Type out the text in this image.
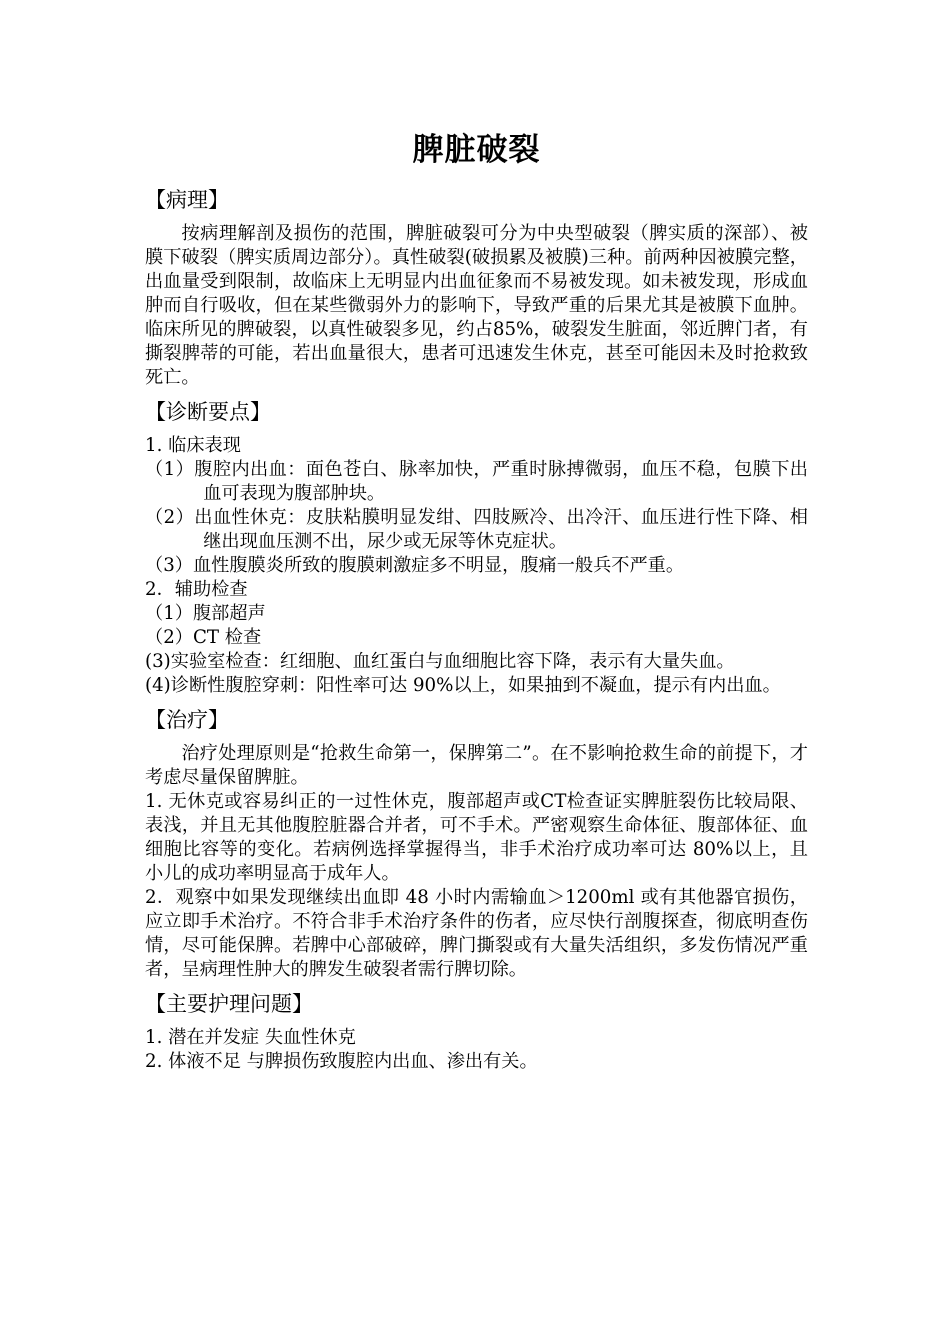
脾脏破裂
【病理】

按病理解剖及损伤的范围，脾脏破裂可分为中央型破裂（脾实质的深部）、被膜下破裂（脾实质周边部分）。真性破裂(破损累及被膜)三种。前两种因被膜完整，出血量受到限制，故临床上无明显内出血征象而不易被发现。如未被发现，形成血肿而自行吸收，但在某些微弱外力的影响下，导致严重的后果尤其是被膜下血肿。临床所见的脾破裂，以真性破裂多见，约占85%，破裂发生脏面，邻近脾门者，有撕裂脾蒂的可能，若出血量很大，患者可迅速发生休克，甚至可能因未及时抢救致死亡。

【诊断要点】

1. 临床表现

（1）腹腔内出血：面色苍白、脉率加快，严重时脉搏微弱，血压不稳，包膜下出血可表现为腹部肿块。

（2）出血性休克：皮肤粘膜明显发绀、四肢厥冷、出冷汗、血压进行性下降、相继出现血压测不出，尿少或无尿等休克症状。

（3）血性腹膜炎所致的腹膜刺激症多不明显，腹痛一般兵不严重。

2．辅助检查

（1）腹部超声

（2）CT 检查

(3)实验室检查：红细胞、血红蛋白与血细胞比容下降，表示有大量失血。

(4)诊断性腹腔穿刺：阳性率可达 90%以上，如果抽到不凝血，提示有内出血。

【治疗】

治疗处理原则是“抢救生命第一，保脾第二”。在不影响抢救生命的前提下，才考虑尽量保留脾脏。

1. 无休克或容易纠正的一过性休克，腹部超声或CT检查证实脾脏裂伤比较局限、表浅，并且无其他腹腔脏器合并者，可不手术。严密观察生命体征、腹部体征、血细胞比容等的变化。若病例选择掌握得当，非手术治疗成功率可达 80%以上，且小儿的成功率明显高于成年人。

2．观察中如果发现继续出血即 48 小时内需输血＞1200ml 或有其他器官损伤，应立即手术治疗。不符合非手术治疗条件的伤者，应尽快行剖腹探查，彻底明查伤情，尽可能保脾。若脾中心部破碎，脾门撕裂或有大量失活组织，多发伤情况严重者，呈病理性肿大的脾发生破裂者需行脾切除。

【主要护理问题】

1. 潜在并发症 失血性休克

2. 体液不足 与脾损伤致腹腔内出血、渗出有关。
